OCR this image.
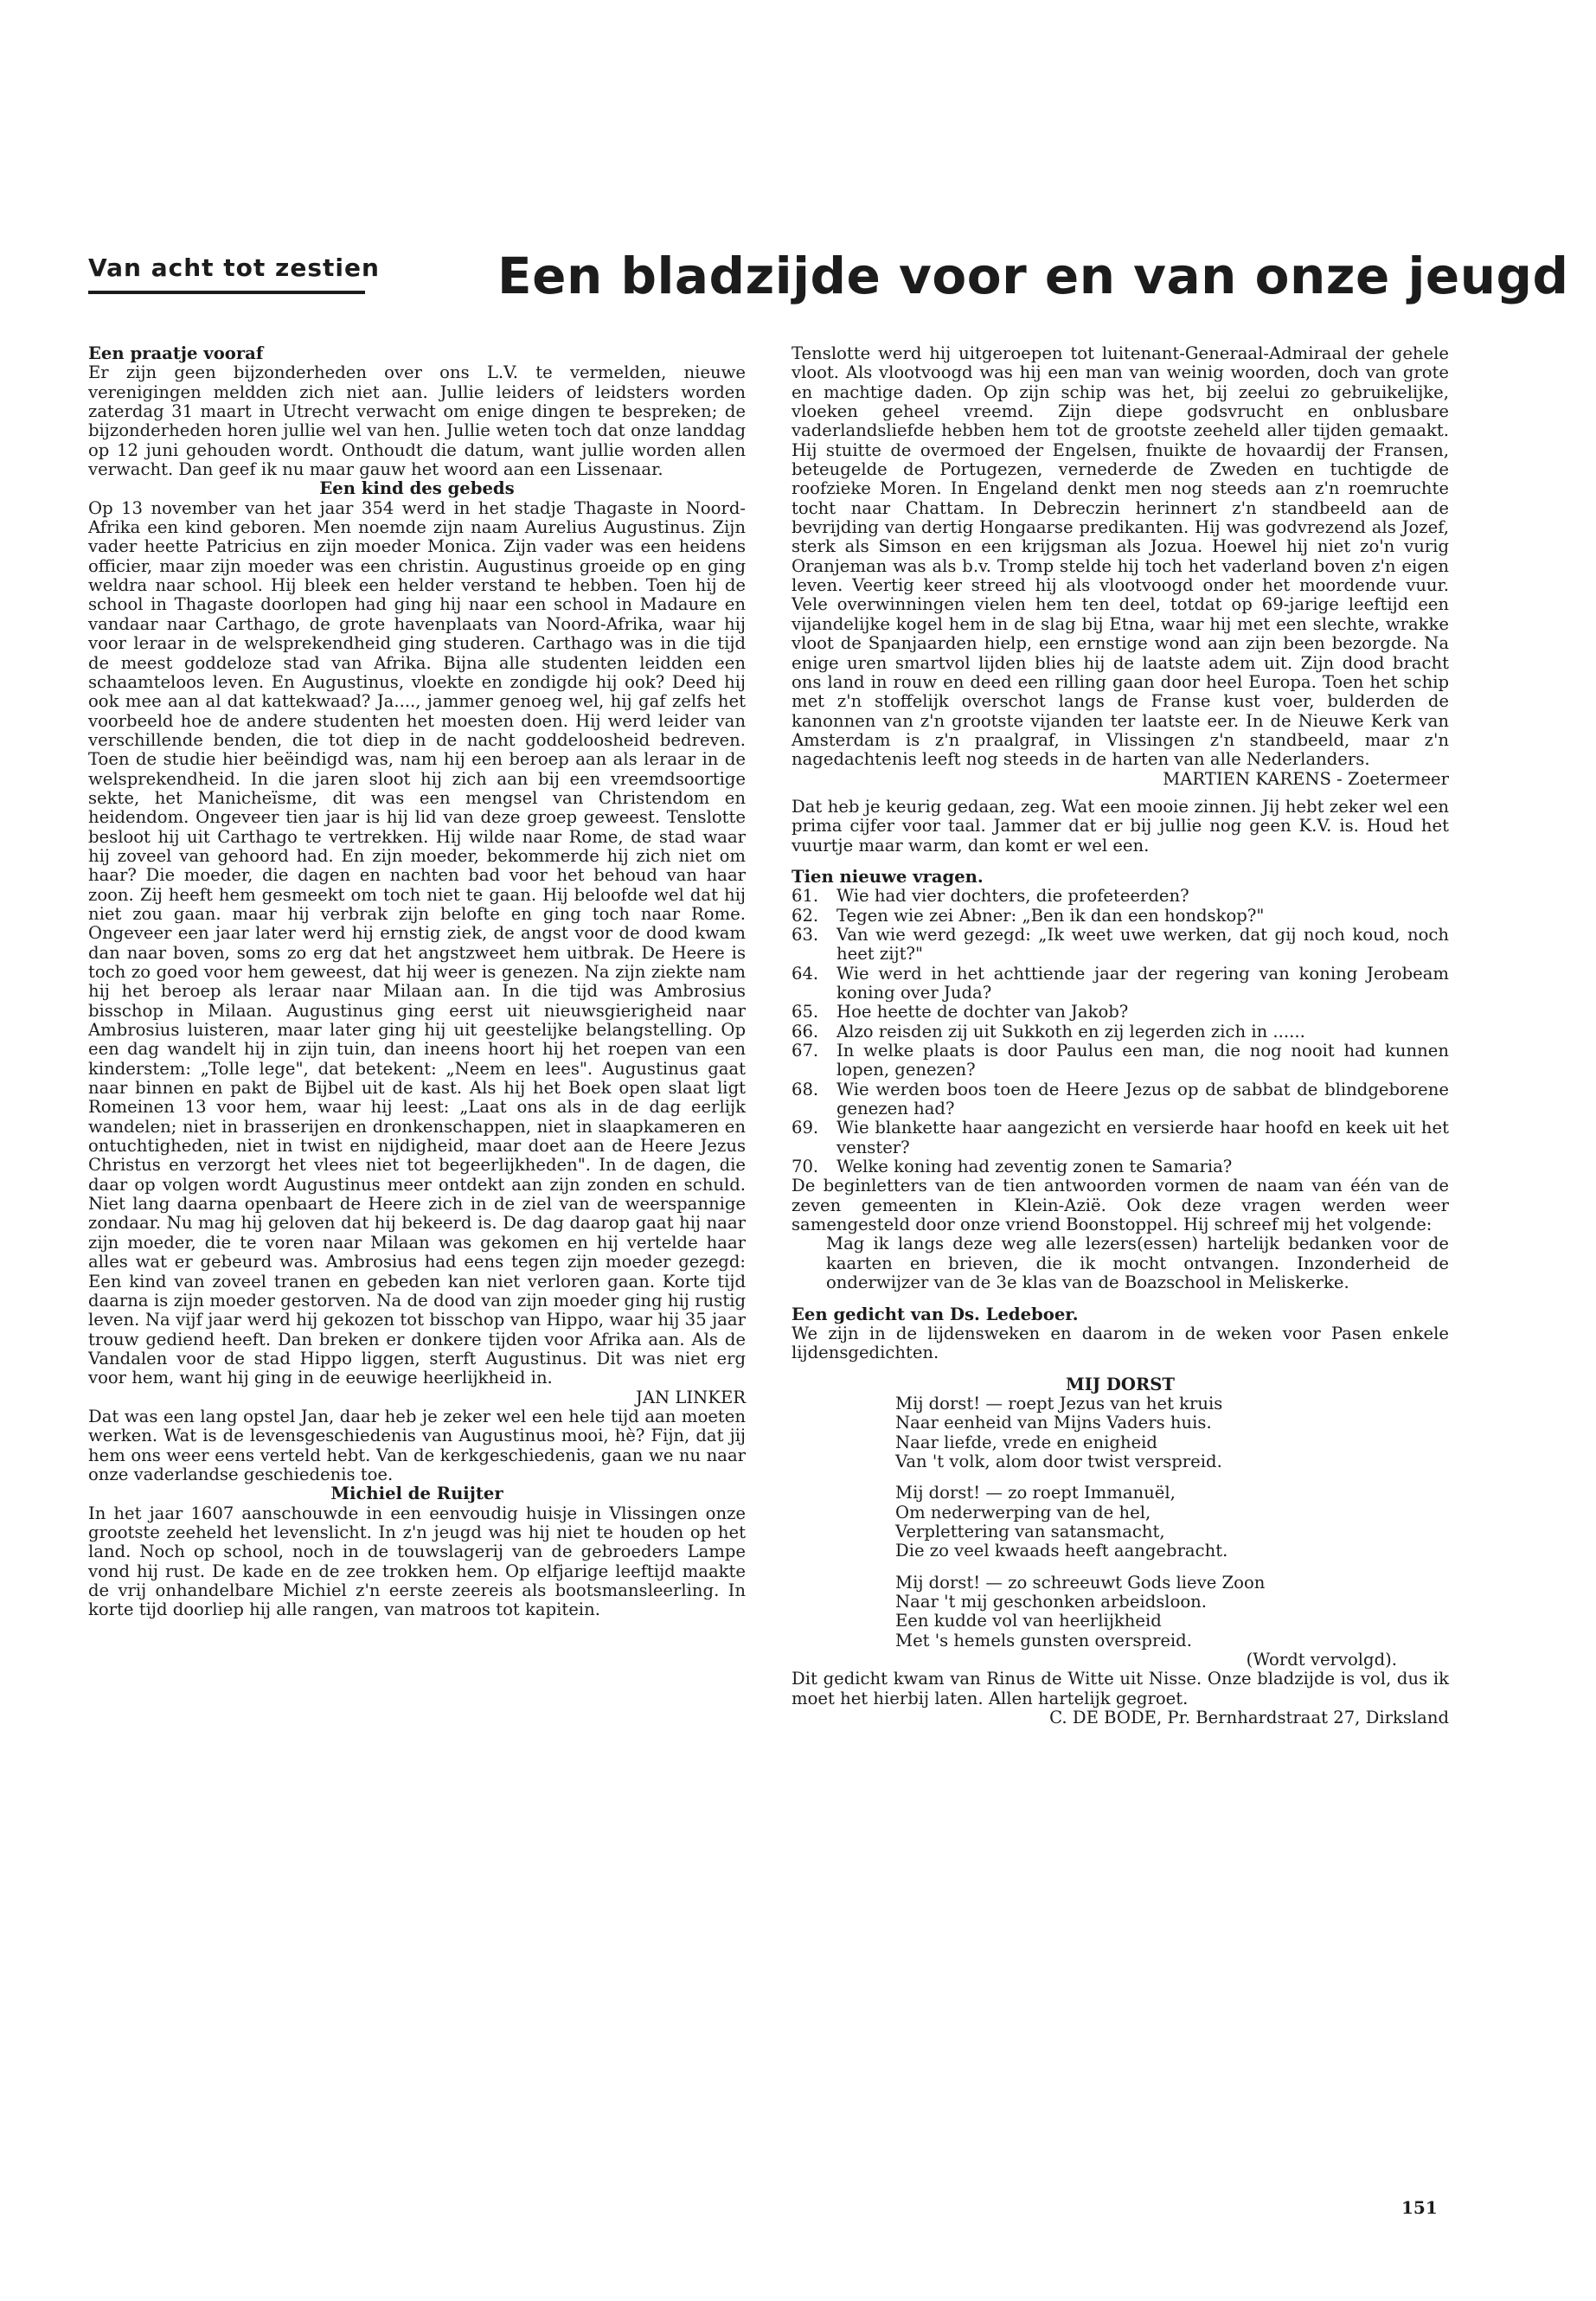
Van acht tot zestien Een bladzijde voor en van onze jeugd

Een praatje vooraf

Er zijn geen bijzonderheden over ons L.V. te vermelden, nieuwe verenigingen meldden zich niet aan. Jullie leiders of leidsters worden zaterdag 31 maart in Utrecht verwacht om enige dingen te bespreken; de bijzonderheden horen jullie wel van hen. Jullie weten toch dat onze landdag op 12 juni gehouden wordt. Onthoudt die datum, want jullie worden allen verwacht. Dan geef ik nu maar gauw het woord aan een Lissenaar.

Een kind des gebeds

Op 13 november van het jaar 354 werd in het stadje Thagaste in Noord-Afrika een kind geboren. Men noemde zijn naam Aurelius Augustinus. Zijn vader heette Patricius en zijn moeder Monica. Zijn vader was een heidens officier, maar zijn moeder was een christin. Augustinus groeide op en ging weldra naar school. Hij bleek een helder verstand te hebben. Toen hij de school in Thagaste doorlopen had ging hij naar een school in Madaure en vandaar naar Carthago, de grote havenplaats van Noord-Afrika, waar hij voor leraar in de welsprekendheid ging studeren. Carthago was in die tijd de meest goddeloze stad van Afrika. Bijna alle studenten leidden een schaamteloos leven. En Augustinus, vloekte en zondigde hij ook? Deed hij ook mee aan al dat kattekwaad? Ja...., jammer genoeg wel, hij gaf zelfs het voorbeeld hoe de andere studenten het moesten doen. Hij werd leider van verschillende benden, die tot diep in de nacht goddeloosheid bedreven. Toen de studie hier beëindigd was, nam hij een beroep aan als leraar in de welsprekendheid. In die jaren sloot hij zich aan bij een vreemdsoortige sekte, het Manicheïsme, dit was een mengsel van Christendom en heidendom. Ongeveer tien jaar is hij lid van deze groep geweest. Tenslotte besloot hij uit Carthago te vertrekken. Hij wilde naar Rome, de stad waar hij zoveel van gehoord had. En zijn moeder, bekommerde hij zich niet om haar? Die moeder, die dagen en nachten bad voor het behoud van haar zoon. Zij heeft hem gesmeekt om toch niet te gaan. Hij beloofde wel dat hij niet zou gaan. maar hij verbrak zijn belofte en ging toch naar Rome. Ongeveer een jaar later werd hij ernstig ziek, de angst voor de dood kwam dan naar boven, soms zo erg dat het angstzweet hem uitbrak. De Heere is toch zo goed voor hem geweest, dat hij weer is genezen. Na zijn ziekte nam hij het beroep als leraar naar Milaan aan. In die tijd was Ambrosius bisschop in Milaan. Augustinus ging eerst uit nieuwsgierigheid naar Ambrosius luisteren, maar later ging hij uit geestelijke belangstelling. Op een dag wandelt hij in zijn tuin, dan ineens hoort hij het roepen van een kinderstem: „Tolle lege", dat betekent: „Neem en lees". Augustinus gaat naar binnen en pakt de Bijbel uit de kast. Als hij het Boek open slaat ligt Romeinen 13 voor hem, waar hij leest: „Laat ons als in de dag eerlijk wandelen; niet in brasserijen en dronkenschappen, niet in slaapkameren en ontuchtigheden, niet in twist en nijdigheid, maar doet aan de Heere Jezus Christus en verzorgt het vlees niet tot begeerlijkheden". In de dagen, die daar op volgen wordt Augustinus meer ontdekt aan zijn zonden en schuld. Niet lang daarna openbaart de Heere zich in de ziel van de weerspannige zondaar. Nu mag hij geloven dat hij bekeerd is. De dag daarop gaat hij naar zijn moeder, die te voren naar Milaan was gekomen en hij vertelde haar alles wat er gebeurd was. Ambrosius had eens tegen zijn moeder gezegd: Een kind van zoveel tranen en gebeden kan niet verloren gaan. Korte tijd daarna is zijn moeder gestorven. Na de dood van zijn moeder ging hij rustig leven. Na vijf jaar werd hij gekozen tot bisschop van Hippo, waar hij 35 jaar trouw gediend heeft. Dan breken er donkere tijden voor Afrika aan. Als de Vandalen voor de stad Hippo liggen, sterft Augustinus. Dit was niet erg voor hem, want hij ging in de eeuwige heerlijkheid in.

JAN LINKER

Dat was een lang opstel Jan, daar heb je zeker wel een hele tijd aan moeten werken. Wat is de levensgeschiedenis van Augustinus mooi, hè? Fijn, dat jij hem ons weer eens verteld hebt. Van de kerkgeschiedenis, gaan we nu naar onze vaderlandse geschiedenis toe.

Michiel de Ruijter

In het jaar 1607 aanschouwde in een eenvoudig huisje in Vlissingen onze grootste zeeheld het levenslicht. In z'n jeugd was hij niet te houden op het land. Noch op school, noch in de touwslagerij van de gebroeders Lampe vond hij rust. De kade en de zee trokken hem. Op elfjarige leeftijd maakte de vrij onhandelbare Michiel z'n eerste zeereis als bootsmansleerling. In korte tijd doorliep hij alle rangen, van matroos tot kapitein.

Tenslotte werd hij uitgeroepen tot luitenant-Generaal-Admiraal der gehele vloot. Als vlootvoogd was hij een man van weinig woorden, doch van grote en machtige daden. Op zijn schip was het, bij zeelui zo gebruikelijke, vloeken geheel vreemd. Zijn diepe godsvrucht en onblusbare vaderlandsliefde hebben hem tot de grootste zeeheld aller tijden gemaakt. Hij stuitte de overmoed der Engelsen, fnuikte de hovaardij der Fransen, beteugelde de Portugezen, vernederde de Zweden en tuchtigde de roofzieke Moren. In Engeland denkt men nog steeds aan z'n roemruchte tocht naar Chattam. In Debreczin herinnert z'n standbeeld aan de bevrijding van dertig Hongaarse predikanten. Hij was godvrezend als Jozef, sterk als Simson en een krijgsman als Jozua. Hoewel hij niet zo'n vurig Oranjeman was als b.v. Tromp stelde hij toch het vaderland boven z'n eigen leven. Veertig keer streed hij als vlootvoogd onder het moordende vuur. Vele overwinningen vielen hem ten deel, totdat op 69-jarige leeftijd een vijandelijke kogel hem in de slag bij Etna, waar hij met een slechte, wrakke vloot de Spanjaarden hielp, een ernstige wond aan zijn been bezorgde. Na enige uren smartvol lijden blies hij de laatste adem uit. Zijn dood bracht ons land in rouw en deed een rilling gaan door heel Europa. Toen het schip met z'n stoffelijk overschot langs de Franse kust voer, bulderden de kanonnen van z'n grootste vijanden ter laatste eer. In de Nieuwe Kerk van Amsterdam is z'n praalgraf, in Vlissingen z'n standbeeld, maar z'n nagedachtenis leeft nog steeds in de harten van alle Nederlanders.

MARTIEN KARENS - Zoetermeer

Dat heb je keurig gedaan, zeg. Wat een mooie zinnen. Jij hebt zeker wel een prima cijfer voor taal. Jammer dat er bij jullie nog geen K.V. is. Houd het vuurtje maar warm, dan komt er wel een.

Tien nieuwe vragen.

61.	Wie had vier dochters, die profeteerden?
62.	Tegen wie zei Abner: „Ben ik dan een hondskop?"
63.	Van wie werd gezegd: „Ik weet uwe werken, dat gij noch koud, noch heet zijt?"
64.	Wie werd in het achttiende jaar der regering van koning Jerobeam koning over Juda?
65.	Hoe heette de dochter van Jakob?
66.	Alzo reisden zij uit Sukkoth en zij legerden zich in ......
67.	In welke plaats is door Paulus een man, die nog nooit had kunnen lopen, genezen?
68.	Wie werden boos toen de Heere Jezus op de sabbat de blindgeborene genezen had?
69.	Wie blankette haar aangezicht en versierde haar hoofd en keek uit het venster?
70.	Welke koning had zeventig zonen te Samaria?

De beginletters van de tien antwoorden vormen de naam van één van de zeven gemeenten in Klein-Azië. Ook deze vragen werden weer samengesteld door onze vriend Boonstoppel. Hij schreef mij het volgende:

Mag ik langs deze weg alle lezers(essen) hartelijk bedanken voor de kaarten en brieven, die ik mocht ontvangen. Inzonderheid de onderwijzer van de 3e klas van de Boazschool in Meliskerke.

Een gedicht van Ds. Ledeboer.

We zijn in de lijdensweken en daarom in de weken voor Pasen enkele lijdensgedichten.

MIJ DORST

Mij dorst! — roept Jezus van het kruis

Naar eenheid van Mijns Vaders huis.

Naar liefde, vrede en enigheid

Van 't volk, alom door twist verspreid.

Mij dorst! — zo roept Immanuël,

Om nederwerping van de hel,

Verplettering van satansmacht,

Die zo veel kwaads heeft aangebracht.

Mij dorst! — zo schreeuwt Gods lieve Zoon

Naar 't mij geschonken arbeidsloon.

Een kudde vol van heerlijkheid

Met 's hemels gunsten overspreid.

(Wordt vervolgd).

Dit gedicht kwam van Rinus de Witte uit Nisse. Onze bladzijde is vol, dus ik moet het hierbij laten. Allen hartelijk gegroet.

C. DE BODE, Pr. Bernhardstraat 27, Dirksland

151
